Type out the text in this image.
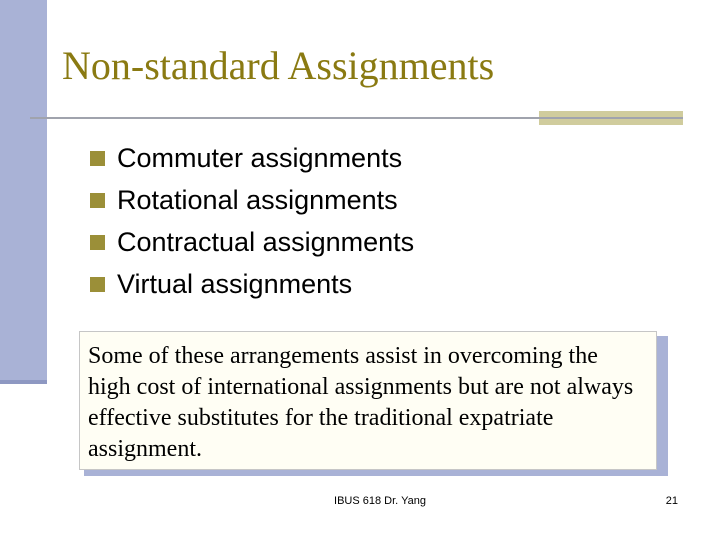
Non-standard Assignments
Commuter assignments
Rotational assignments
Contractual assignments
Virtual assignments

Some of these arrangements assist in overcoming the high cost of international assignments but are not always effective substitutes for the traditional expatriate assignment.

IBUS 618 Dr. Yang	21
